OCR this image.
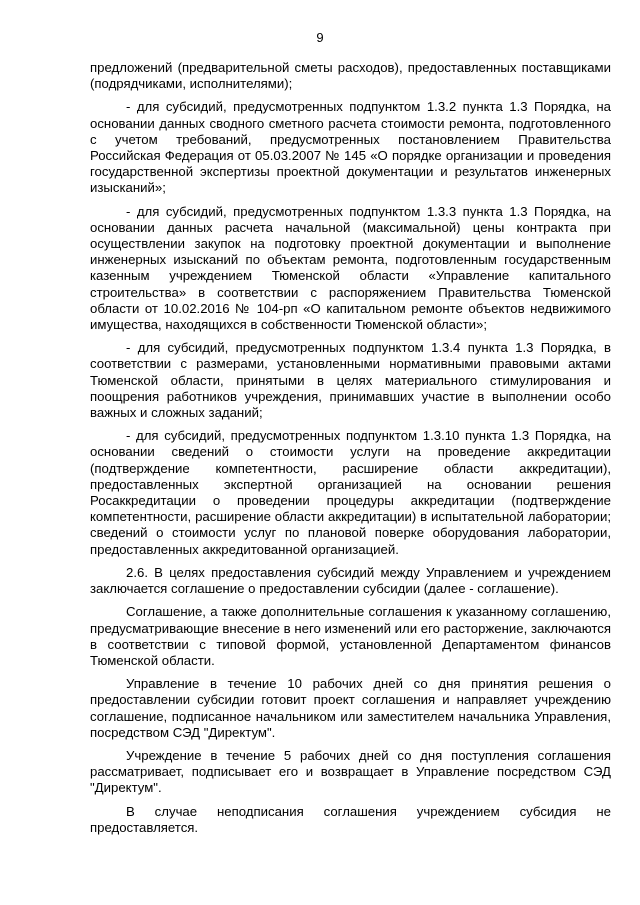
9

предложений (предварительной сметы расходов), предоставленных поставщиками (подрядчиками, исполнителями);

- для субсидий, предусмотренных подпунктом 1.3.2 пункта 1.3 Порядка, на основании данных сводного сметного расчета стоимости ремонта, подготовленного с учетом требований, предусмотренных постановлением Правительства Российская Федерация от 05.03.2007 № 145 «О порядке организации и проведения государственной экспертизы проектной документации и результатов инженерных изысканий»;

- для субсидий, предусмотренных подпунктом 1.3.3 пункта 1.3 Порядка, на основании данных расчета начальной (максимальной) цены контракта при осуществлении закупок на подготовку проектной документации и выполнение инженерных изысканий по объектам ремонта, подготовленным государственным казенным учреждением Тюменской области «Управление капитального строительства» в соответствии с распоряжением Правительства Тюменской области от 10.02.2016 № 104-рп «О капитальном ремонте объектов недвижимого имущества, находящихся в собственности Тюменской области»;

- для субсидий, предусмотренных подпунктом 1.3.4 пункта 1.3 Порядка, в соответствии с размерами, установленными нормативными правовыми актами Тюменской области, принятыми в целях материального стимулирования и поощрения работников учреждения, принимавших участие в выполнении особо важных и сложных заданий;

- для субсидий, предусмотренных подпунктом 1.3.10 пункта 1.3 Порядка, на основании сведений о стоимости услуги на проведение аккредитации (подтверждение компетентности, расширение области аккредитации), предоставленных экспертной организацией на основании решения Росаккредитации о проведении процедуры аккредитации (подтверждение компетентности, расширение области аккредитации) в испытательной лаборатории; сведений о стоимости услуг по плановой поверке оборудования лаборатории, предоставленных аккредитованной организацией.

2.6. В целях предоставления субсидий между Управлением и учреждением заключается соглашение о предоставлении субсидии (далее - соглашение).

Соглашение, а также дополнительные соглашения к указанному соглашению, предусматривающие внесение в него изменений или его расторжение, заключаются в соответствии с типовой формой, установленной Департаментом финансов Тюменской области.

Управление в течение 10 рабочих дней со дня принятия решения о предоставлении субсидии готовит проект соглашения и направляет учреждению соглашение, подписанное начальником или заместителем начальника Управления, посредством СЭД "Директум".

Учреждение в течение 5 рабочих дней со дня поступления соглашения рассматривает, подписывает его и возвращает в Управление посредством СЭД "Директум".

В случае неподписания соглашения учреждением субсидия не предоставляется.
